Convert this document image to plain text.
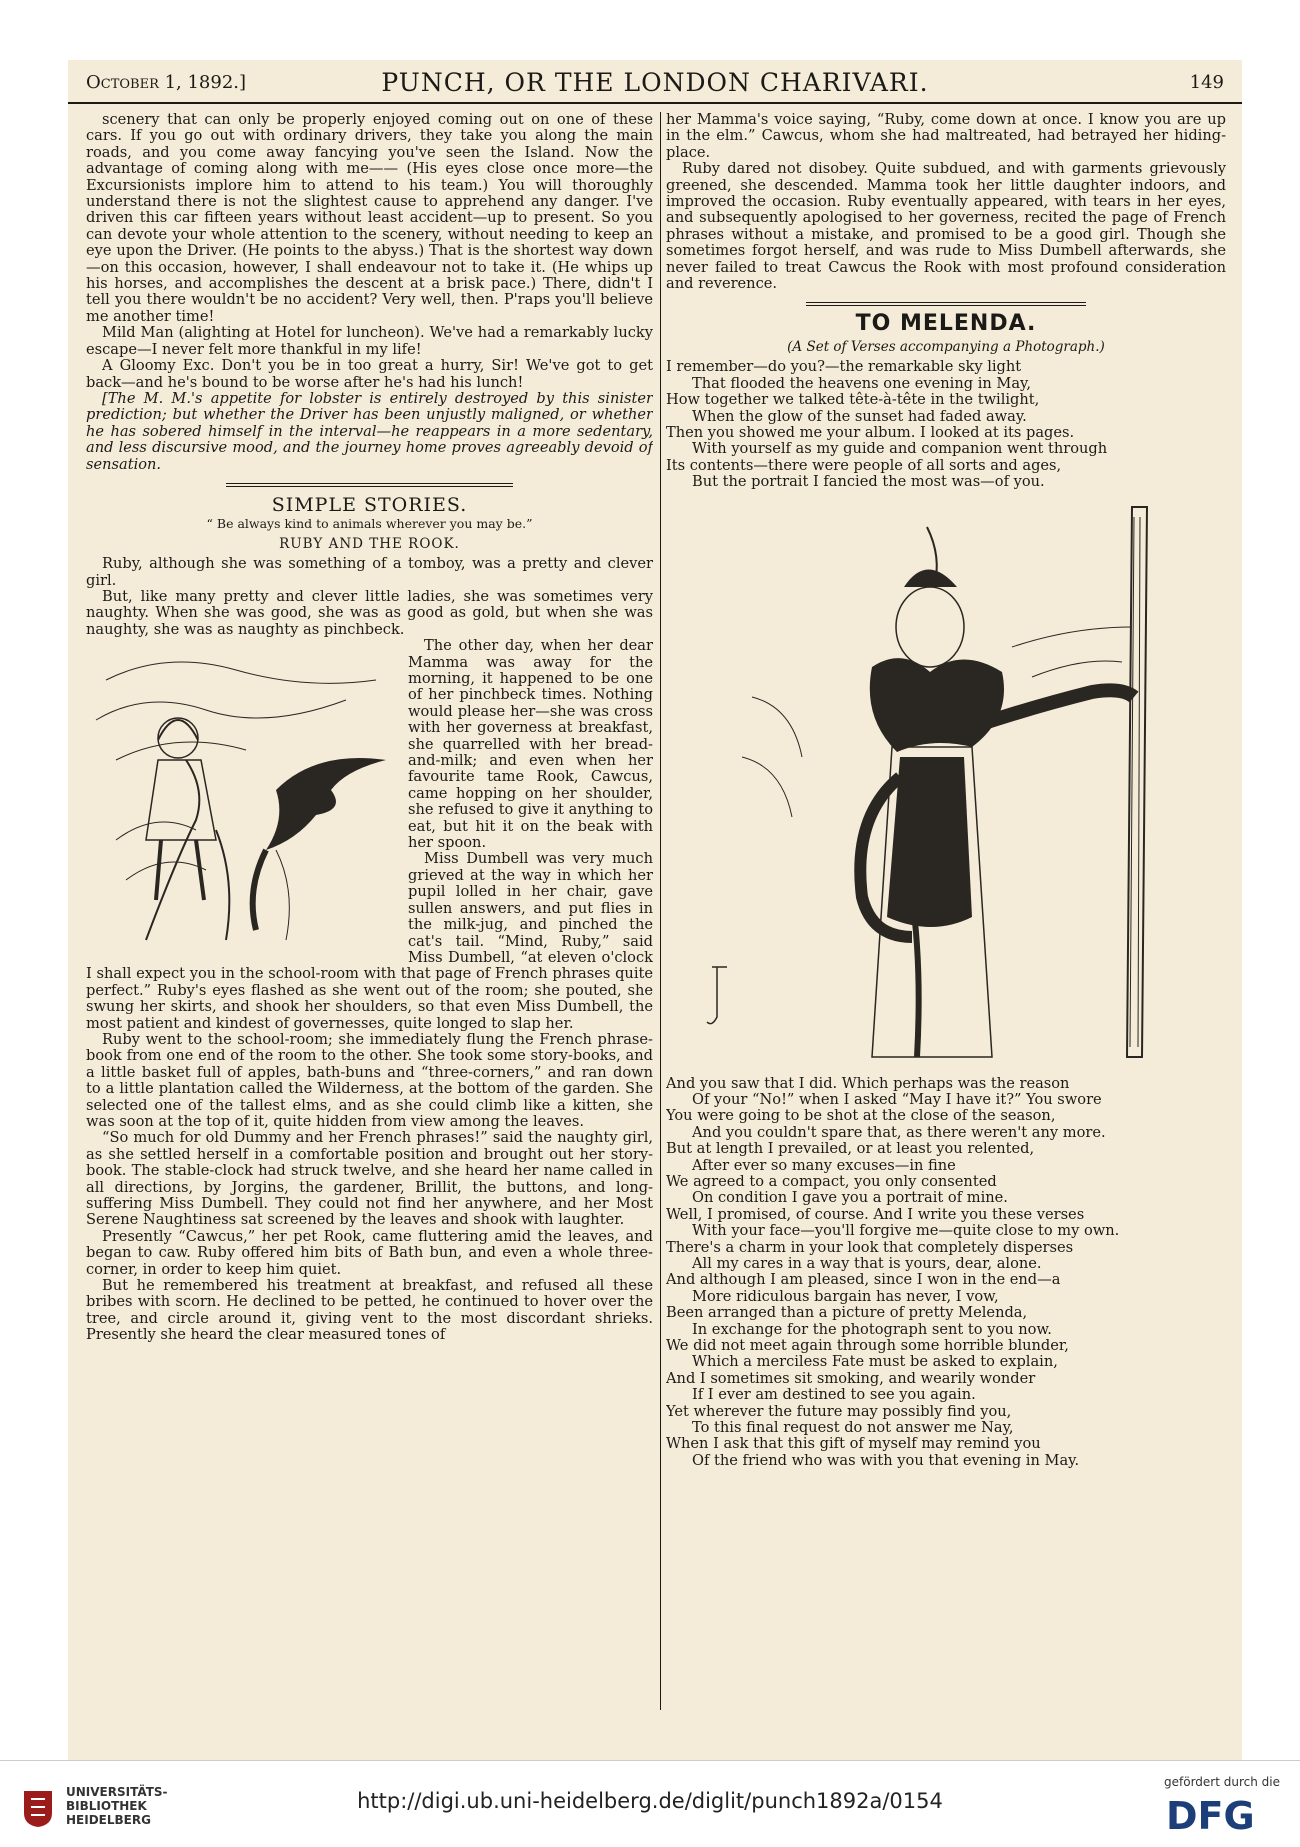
October 1, 1892.]	PUNCH, OR THE LONDON CHARIVARI.	149

scenery that can only be properly enjoyed coming out on one of these cars. If you go out with ordinary drivers, they take you along the main roads, and you come away fancying you've seen the Island. Now the advantage of coming along with me—— (His eyes close once more—the Excursionists implore him to attend to his team.) You will thoroughly understand there is not the slightest cause to apprehend any danger. I've driven this car fifteen years without least accident—up to present. So you can devote your whole attention to the scenery, without needing to keep an eye upon the Driver. (He points to the abyss.) That is the shortest way down—on this occasion, however, I shall endeavour not to take it. (He whips up his horses, and accomplishes the descent at a brisk pace.) There, didn't I tell you there wouldn't be no accident? Very well, then. P'raps you'll believe me another time!

Mild Man (alighting at Hotel for luncheon). We've had a remarkably lucky escape—I never felt more thankful in my life!

A Gloomy Exc. Don't you be in too great a hurry, Sir! We've got to get back—and he's bound to be worse after he's had his lunch!

[The M. M.'s appetite for lobster is entirely destroyed by this sinister prediction; but whether the Driver has been unjustly maligned, or whether he has sobered himself in the interval—he reappears in a more sedentary, and less discursive mood, and the journey home proves agreeably devoid of sensation.

SIMPLE STORIES.
“ Be always kind to animals wherever you may be.”
RUBY AND THE ROOK.

Ruby, although she was something of a tomboy, was a pretty and clever girl.

But, like many pretty and clever little ladies, she was sometimes very naughty. When she was good, she was as good as gold, but when she was naughty, she was as naughty as pinchbeck.

The other day, when her dear Mamma was away for the morning, it happened to be one of her pinchbeck times. Nothing would please her—she was cross with her governess at breakfast, she quarrelled with her bread-and-milk; and even when her favourite tame Rook, Cawcus, came hopping on her shoulder, she refused to give it anything to eat, but hit it on the beak with her spoon.

Miss Dumbell was very much grieved at the way in which her pupil lolled in her chair, gave sullen answers, and put flies in the milk-jug, and pinched the cat's tail. “Mind, Ruby,” said Miss Dumbell, “at eleven o'clock I shall expect you in the school-room with that page of French phrases quite perfect.” Ruby's eyes flashed as she went out of the room; she pouted, she swung her skirts, and shook her shoulders, so that even Miss Dumbell, the most patient and kindest of governesses, quite longed to slap her.

Ruby went to the school-room; she immediately flung the French phrase-book from one end of the room to the other. She took some story-books, and a little basket full of apples, bath-buns and “three-corners,” and ran down to a little plantation called the Wilderness, at the bottom of the garden. She selected one of the tallest elms, and as she could climb like a kitten, she was soon at the top of it, quite hidden from view among the leaves.

“So much for old Dummy and her French phrases!” said the naughty girl, as she settled herself in a comfortable position and brought out her story-book. The stable-clock had struck twelve, and she heard her name called in all directions, by Jorgins, the gardener, Brillit, the buttons, and long-suffering Miss Dumbell. They could not find her anywhere, and her Most Serene Naughtiness sat screened by the leaves and shook with laughter.

Presently “Cawcus,” her pet Rook, came fluttering amid the leaves, and began to caw. Ruby offered him bits of Bath bun, and even a whole three-corner, in order to keep him quiet.

But he remembered his treatment at breakfast, and refused all these bribes with scorn. He declined to be petted, he continued to hover over the tree, and circle around it, giving vent to the most discordant shrieks. Presently she heard the clear measured tones of

her Mamma's voice saying, “Ruby, come down at once. I know you are up in the elm.” Cawcus, whom she had maltreated, had betrayed her hiding-place.

Ruby dared not disobey. Quite subdued, and with garments grievously greened, she descended. Mamma took her little daughter indoors, and improved the occasion. Ruby eventually appeared, with tears in her eyes, and subsequently apologised to her governess, recited the page of French phrases without a mistake, and promised to be a good girl. Though she sometimes forgot herself, and was rude to Miss Dumbell afterwards, she never failed to treat Cawcus the Rook with most profound consideration and reverence.

TO MELENDA.
(A Set of Verses accompanying a Photograph.)
I remember—do you?—the remarkable sky light
That flooded the heavens one evening in May,
How together we talked tête-à-tête in the twilight,
When the glow of the sunset had faded away.
Then you showed me your album. I looked at its pages.
With yourself as my guide and companion went through
Its contents—there were people of all sorts and ages,
But the portrait I fancied the most was—of you.
And you saw that I did. Which perhaps was the reason
Of your “No!” when I asked “May I have it?” You swore
You were going to be shot at the close of the season,
And you couldn't spare that, as there weren't any more.
But at length I prevailed, or at least you relented,
After ever so many excuses—in fine
We agreed to a compact, you only consented
On condition I gave you a portrait of mine.
Well, I promised, of course. And I write you these verses
With your face—you'll forgive me—quite close to my own.
There's a charm in your look that completely disperses
All my cares in a way that is yours, dear, alone.
And although I am pleased, since I won in the end—a
More ridiculous bargain has never, I vow,
Been arranged than a picture of pretty Melenda,
In exchange for the photograph sent to you now.
We did not meet again through some horrible blunder,
Which a merciless Fate must be asked to explain,
And I sometimes sit smoking, and wearily wonder
If I ever am destined to see you again.
Yet wherever the future may possibly find you,
To this final request do not answer me Nay,
When I ask that this gift of myself may remind you
Of the friend who was with you that evening in May.
UNIVERSITÄTS-
BIBLIOTHEK
HEIDELBERG
http://digi.ub.uni-heidelberg.de/diglit/punch1892a/0154
gefördert durch die
DFG
